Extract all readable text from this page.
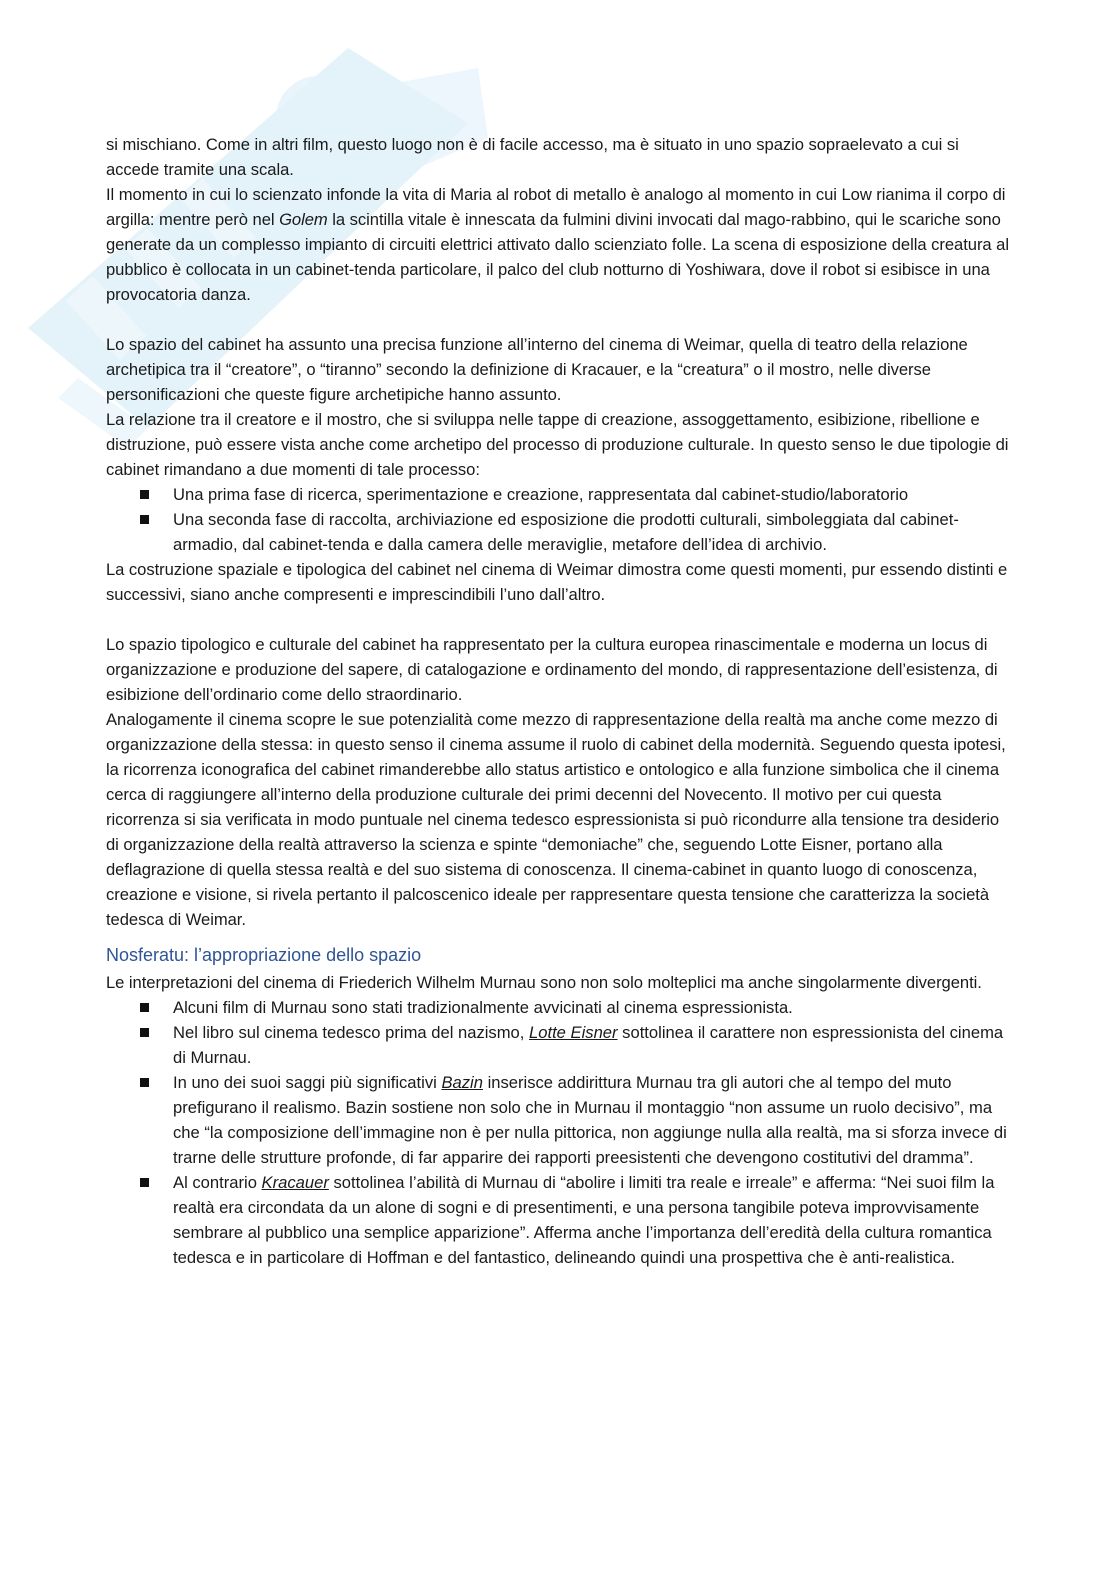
si mischiano. Come in altri film, questo luogo non è di facile accesso, ma è situato in uno spazio sopraelevato a cui si accede tramite una scala.

Il momento in cui lo scienzato infonde la vita di Maria al robot di metallo è analogo al momento in cui Low rianima il corpo di argilla: mentre però nel Golem la scintilla vitale è innescata da fulmini divini invocati dal mago-rabbino, qui le scariche sono generate da un complesso impianto di circuiti elettrici attivato dallo scienziato folle. La scena di esposizione della creatura al pubblico è collocata in un cabinet-tenda particolare, il palco del club notturno di Yoshiwara, dove il robot si esibisce in una provocatoria danza.

Lo spazio del cabinet ha assunto una precisa funzione all’interno del cinema di Weimar, quella di teatro della relazione archetipica tra il “creatore”, o “tiranno” secondo la definizione di Kracauer, e la “creatura” o il mostro, nelle diverse personificazioni che queste figure archetipiche hanno assunto.

La relazione tra il creatore e il mostro, che si sviluppa nelle tappe di creazione, assoggettamento, esibizione, ribellione e distruzione, può essere vista anche come archetipo del processo di produzione culturale. In questo senso le due tipologie di cabinet rimandano a due momenti di tale processo:

Una prima fase di ricerca, sperimentazione e creazione, rappresentata dal cabinet-studio/laboratorio
Una seconda fase di raccolta, archiviazione ed esposizione die prodotti culturali, simboleggiata dal cabinet-armadio, dal cabinet-tenda e dalla camera delle meraviglie, metafore dell’idea di archivio.

La costruzione spaziale e tipologica del cabinet nel cinema di Weimar dimostra come questi momenti, pur essendo distinti e successivi, siano anche compresenti e imprescindibili l’uno dall’altro.

Lo spazio tipologico e culturale del cabinet ha rappresentato per la cultura europea rinascimentale e moderna un locus di organizzazione e produzione del sapere, di catalogazione e ordinamento del mondo, di rappresentazione dell’esistenza, di esibizione dell’ordinario come dello straordinario.

Analogamente il cinema scopre le sue potenzialità come mezzo di rappresentazione della realtà ma anche come mezzo di organizzazione della stessa: in questo senso il cinema assume il ruolo di cabinet della modernità. Seguendo questa ipotesi, la ricorrenza iconografica del cabinet rimanderebbe allo status artistico e ontologico e alla funzione simbolica che il cinema cerca di raggiungere all’interno della produzione culturale dei primi decenni del Novecento. Il motivo per cui questa ricorrenza si sia verificata in modo puntuale nel cinema tedesco espressionista si può ricondurre alla tensione tra desiderio di organizzazione della realtà attraverso la scienza e spinte “demoniache” che, seguendo Lotte Eisner, portano alla deflagrazione di quella stessa realtà e del suo sistema di conoscenza. Il cinema-cabinet in quanto luogo di conoscenza, creazione e visione, si rivela pertanto il palcoscenico ideale per rappresentare questa tensione che caratterizza la società tedesca di Weimar.

Nosferatu: l’appropriazione dello spazio

Le interpretazioni del cinema di Friederich Wilhelm Murnau sono non solo molteplici ma anche singolarmente divergenti.

Alcuni film di Murnau sono stati tradizionalmente avvicinati al cinema espressionista.
Nel libro sul cinema tedesco prima del nazismo, Lotte Eisner sottolinea il carattere non espressionista del cinema di Murnau.
In uno dei suoi saggi più significativi Bazin inserisce addirittura Murnau tra gli autori che al tempo del muto prefigurano il realismo. Bazin sostiene non solo che in Murnau il montaggio “non assume un ruolo decisivo”, ma che “la composizione dell’immagine non è per nulla pittorica, non aggiunge nulla alla realtà, ma si sforza invece di trarne delle strutture profonde, di far apparire dei rapporti preesistenti che devengono costitutivi del dramma”.
Al contrario Kracauer sottolinea l’abilità di Murnau di “abolire i limiti tra reale e irreale” e afferma: “Nei suoi film la realtà era circondata da un alone di sogni e di presentimenti, e una persona tangibile poteva improvvisamente sembrare al pubblico una semplice apparizione”. Afferma anche l’importanza dell’eredità della cultura romantica tedesca e in particolare di Hoffman e del fantastico, delineando quindi una prospettiva che è anti-realistica.
